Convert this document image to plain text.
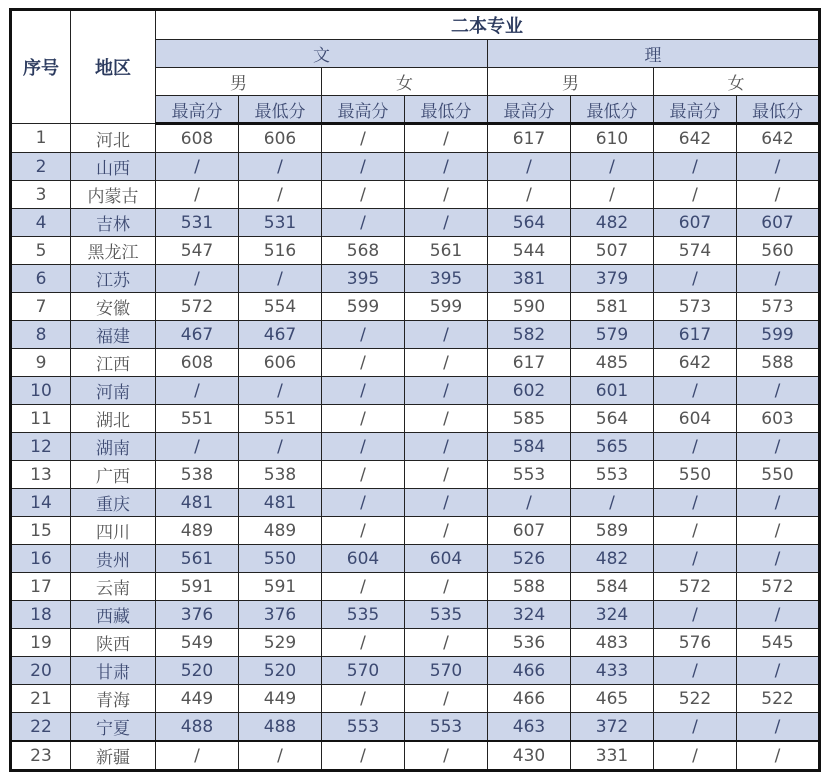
序号	地区	二本专业							
		文				理			
		男		女		男		女	
		最高分	最低分	最高分	最低分	最高分	最低分	最高分	最低分
1	河北	608	606	/	/	617	610	642	642
2	山西	/	/	/	/	/	/	/	/
3	内蒙古	/	/	/	/	/	/	/	/
4	吉林	531	531	/	/	564	482	607	607
5	黑龙江	547	516	568	561	544	507	574	560
6	江苏	/	/	395	395	381	379	/	/
7	安徽	572	554	599	599	590	581	573	573
8	福建	467	467	/	/	582	579	617	599
9	江西	608	606	/	/	617	485	642	588
10	河南	/	/	/	/	602	601	/	/
11	湖北	551	551	/	/	585	564	604	603
12	湖南	/	/	/	/	584	565	/	/
13	广西	538	538	/	/	553	553	550	550
14	重庆	481	481	/	/	/	/	/	/
15	四川	489	489	/	/	607	589	/	/
16	贵州	561	550	604	604	526	482	/	/
17	云南	591	591	/	/	588	584	572	572
18	西藏	376	376	535	535	324	324	/	/
19	陕西	549	529	/	/	536	483	576	545
20	甘肃	520	520	570	570	466	433	/	/
21	青海	449	449	/	/	466	465	522	522
22	宁夏	488	488	553	553	463	372	/	/
23	新疆	/	/	/	/	430	331	/	/
